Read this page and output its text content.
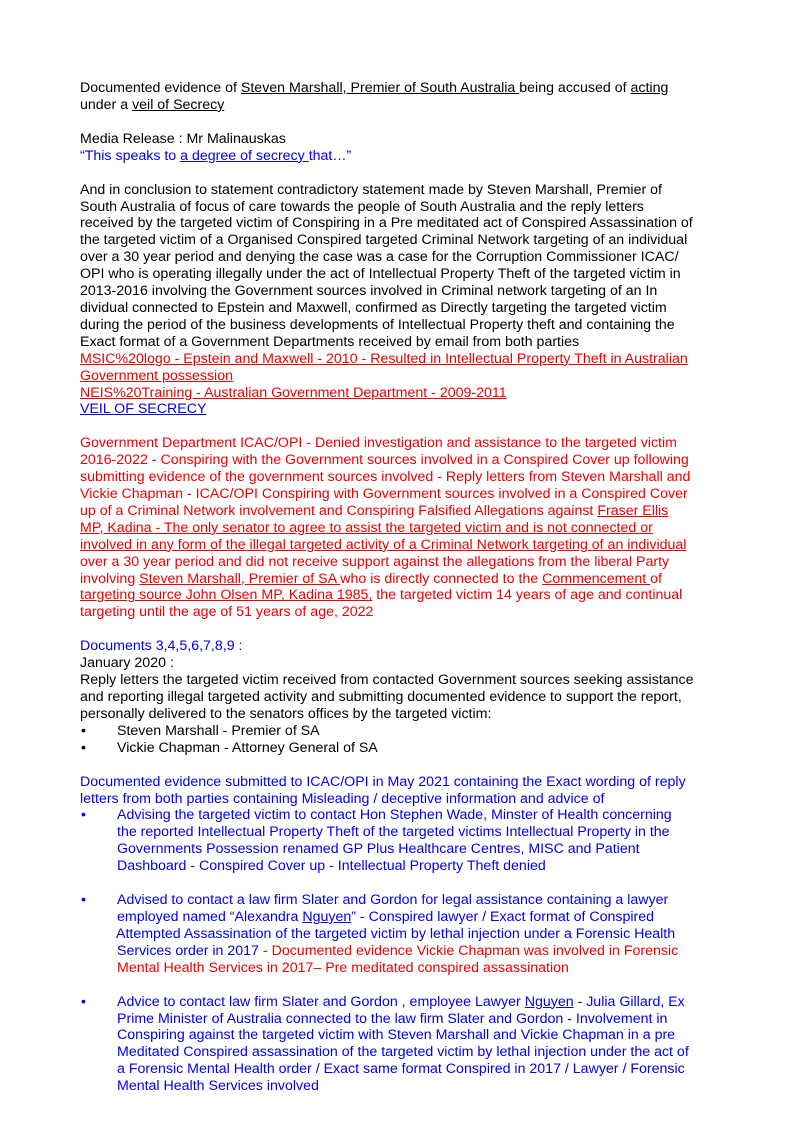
Documented evidence of Steven Marshall, Premier of South Australia being accused of acting

under a veil of Secrecy

Media Release : Mr Malinauskas

“This speaks to a degree of secrecy that…”

And in conclusion to statement contradictory statement made by Steven Marshall, Premier of

South Australia of focus of care towards the people of South Australia and the reply letters

received by the targeted victim of Conspiring in a Pre meditated act of Conspired Assassination of

the targeted victim of a Organised Conspired targeted Criminal Network targeting of an individual

over a 30 year period and denying the case was a case for the Corruption Commissioner ICAC/

OPI who is operating illegally under the act of Intellectual Property Theft of the targeted victim in

2013-2016 involving the Government sources involved in Criminal network targeting of an In

dividual connected to Epstein and Maxwell, confirmed as Directly targeting the targeted victim

during the period of the business developments of Intellectual Property theft and containing the

Exact format of a Government Departments received by email from both parties

MSIC%20logo - Epstein and Maxwell - 2010 - Resulted in Intellectual Property Theft in Australian

Government possession

NEIS%20Training - Australian Government Department - 2009-2011

VEIL OF SECRECY

Government Department ICAC/OPI - Denied investigation and assistance to the targeted victim

2016-2022 - Conspiring with the Government sources involved in a Conspired Cover up following

submitting evidence of the government sources involved - Reply letters from Steven Marshall and

Vickie Chapman - ICAC/OPI Conspiring with Government sources involved in a Conspired Cover

up of a Criminal Network involvement and Conspiring Falsified Allegations against Fraser Ellis

MP, Kadina - The only senator to agree to assist the targeted victim and is not connected or

involved in any form of the illegal targeted activity of a Criminal Network targeting of an individual

over a 30 year period and did not receive support against the allegations from the liberal Party

involving Steven Marshall, Premier of SA who is directly connected to the Commencement of

targeting source John Olsen MP, Kadina 1985, the targeted victim 14 years of age and continual

targeting until the age of 51 years of age, 2022

Documents 3,4,5,6,7,8,9 :

January 2020 :

Reply letters the targeted victim received from contacted Government sources seeking assistance

and reporting illegal targeted activity and submitting documented evidence to support the report,

personally delivered to the senators offices by the targeted victim:

• Steven Marshall - Premier of SA
• Vickie Chapman - Attorney General of SA

Documented evidence submitted to ICAC/OPI in May 2021 containing the Exact wording of reply

letters from both parties containing Misleading / deceptive information and advice of

• Advising the targeted victim to contact Hon Stephen Wade, Minster of Health concerning
the reported Intellectual Property Theft of the targeted victims Intellectual Property in the
Governments Possession renamed GP Plus Healthcare Centres, MISC and Patient
Dashboard - Conspired Cover up - Intellectual Property Theft denied
• Advised to contact a law firm Slater and Gordon for legal assistance containing a lawyer
employed named “Alexandra Nguyen” - Conspired lawyer / Exact format of Conspired
Attempted Assassination of the targeted victim by lethal injection under a Forensic Health
Services order in 2017 - Documented evidence Vickie Chapman was involved in Forensic
Mental Health Services in 2017– Pre meditated conspired assassination
• Advice to contact law firm Slater and Gordon , employee Lawyer Nguyen - Julia Gillard, Ex
Prime Minister of Australia connected to the law firm Slater and Gordon - Involvement in
Conspiring against the targeted victim with Steven Marshall and Vickie Chapman in a pre
Meditated Conspired assassination of the targeted victim by lethal injection under the act of
a Forensic Mental Health order / Exact same format Conspired in 2017 / Lawyer / Forensic
Mental Health Services involved
